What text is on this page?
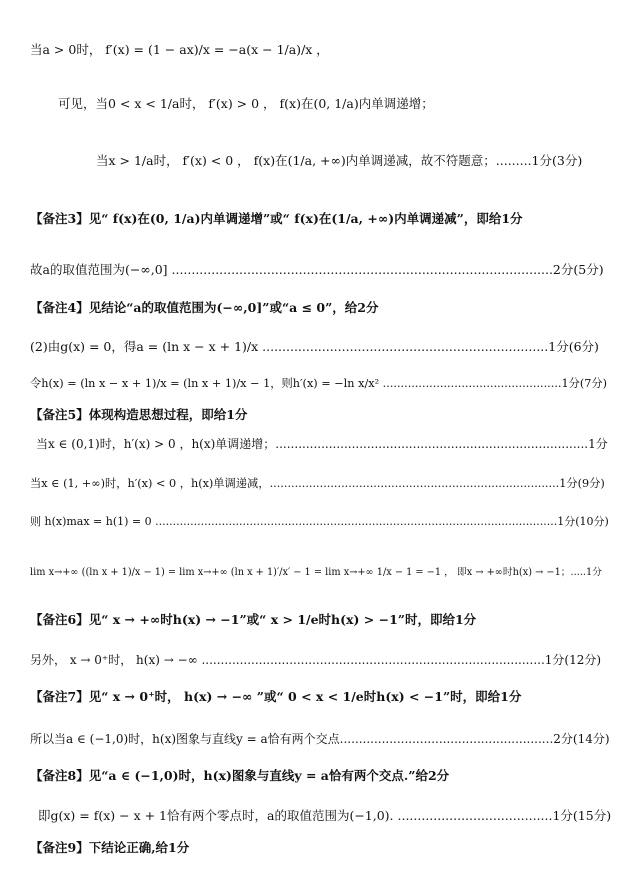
当a > 0时， f′(x) = (1 − ax)/x = −a(x − 1/a)/x ，
可见，当0 < x < 1/a时， f′(x) > 0 ， f(x)在(0, 1/a)内单调递增；
当x > 1/a时， f′(x) < 0 ， f(x)在(1/a, +∞)内单调递减，故不符题意；.........1分(3分)
【备注3】见“ f(x)在(0, 1/a)内单调递增”或“ f(x)在(1/a, +∞)内单调递减”，即给1分
故a的取值范围为(−∞,0] ................................................................................................2分(5分)
【备注4】见结论“a的取值范围为(−∞,0]”或“a ≤ 0”，给2分
(2)由g(x) = 0，得a = (ln x − x + 1)/x ........................................................................1分(6分)
令h(x) = (ln x − x + 1)/x = (ln x + 1)/x − 1，则h′(x) = −ln x/x² ..................................................1分(7分)
【备注5】体现构造思想过程，即给1分
当x ∈ (0,1)时，h′(x) > 0 ，h(x)单调递增；..................................................................................1分
当x ∈ (1, +∞)时，h′(x) < 0 ，h(x)单调递减，.................................................................................1分(9分)
则 h(x)max = h(1) = 0 ...................................................................................................................1分(10分)
lim x→+∞ ((ln x + 1)/x − 1) = lim x→+∞ (ln x + 1)′/x′ − 1 = lim x→+∞ 1/x − 1 = −1 ， 即x → +∞时h(x) → −1；.....1分
【备注6】见“ x → +∞时h(x) → −1”或“ x > 1/e时h(x) > −1”时，即给1分
另外， x → 0⁺时， h(x) → −∞ ..........................................................................................1分(12分)
【备注7】见“ x → 0⁺时， h(x) → −∞ ”或“ 0 < x < 1/e时h(x) < −1”时，即给1分
所以当a ∈ (−1,0)时，h(x)图象与直线y = a恰有两个交点........................................................2分(14分)
【备注8】见“a ∈ (−1,0)时，h(x)图象与直线y = a恰有两个交点.”给2分
即g(x) = f(x) − x + 1恰有两个零点时，a的取值范围为(−1,0). .......................................1分(15分)
【备注9】下结论正确,给1分
